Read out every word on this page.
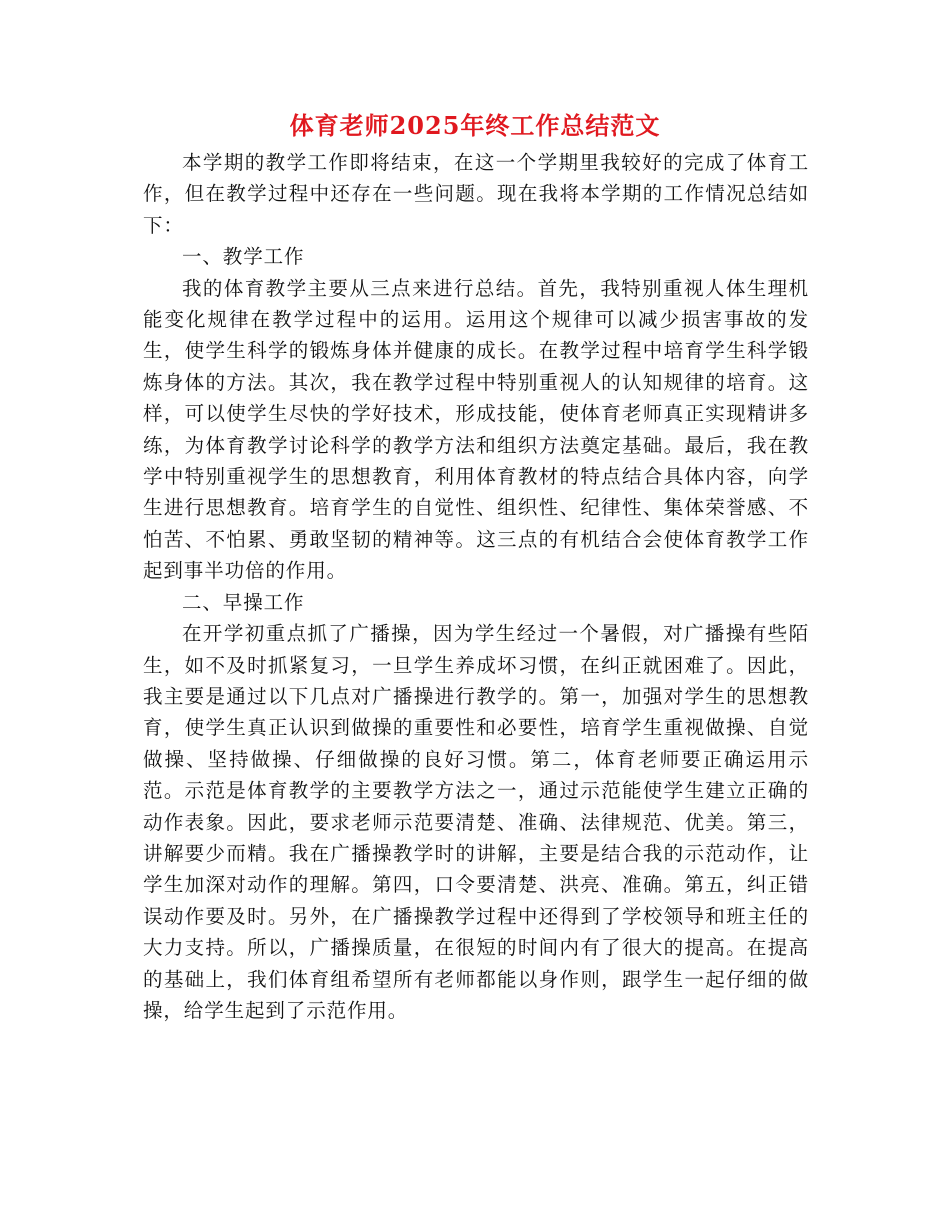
体育老师2025年终工作总结范文

本学期的教学工作即将结束，在这一个学期里我较好的完成了体育工作，但在教学过程中还存在一些问题。现在我将本学期的工作情况总结如下：

一、教学工作

我的体育教学主要从三点来进行总结。首先，我特别重视人体生理机能变化规律在教学过程中的运用。运用这个规律可以减少损害事故的发生，使学生科学的锻炼身体并健康的成长。在教学过程中培育学生科学锻炼身体的方法。其次，我在教学过程中特别重视人的认知规律的培育。这样，可以使学生尽快的学好技术，形成技能，使体育老师真正实现精讲多练，为体育教学讨论科学的教学方法和组织方法奠定基础。最后，我在教学中特别重视学生的思想教育，利用体育教材的特点结合具体内容，向学生进行思想教育。培育学生的自觉性、组织性、纪律性、集体荣誉感、不怕苦、不怕累、勇敢坚韧的精神等。这三点的有机结合会使体育教学工作起到事半功倍的作用。

二、早操工作

在开学初重点抓了广播操，因为学生经过一个暑假，对广播操有些陌生，如不及时抓紧复习，一旦学生养成坏习惯，在纠正就困难了。因此，我主要是通过以下几点对广播操进行教学的。第一，加强对学生的思想教育，使学生真正认识到做操的重要性和必要性，培育学生重视做操、自觉做操、坚持做操、仔细做操的良好习惯。第二，体育老师要正确运用示范。示范是体育教学的主要教学方法之一，通过示范能使学生建立正确的动作表象。因此，要求老师示范要清楚、准确、法律规范、优美。第三，讲解要少而精。我在广播操教学时的讲解，主要是结合我的示范动作，让学生加深对动作的理解。第四，口令要清楚、洪亮、准确。第五，纠正错误动作要及时。另外，在广播操教学过程中还得到了学校领导和班主任的大力支持。所以，广播操质量，在很短的时间内有了很大的提高。在提高的基础上，我们体育组希望所有老师都能以身作则，跟学生一起仔细的做操，给学生起到了示范作用。
